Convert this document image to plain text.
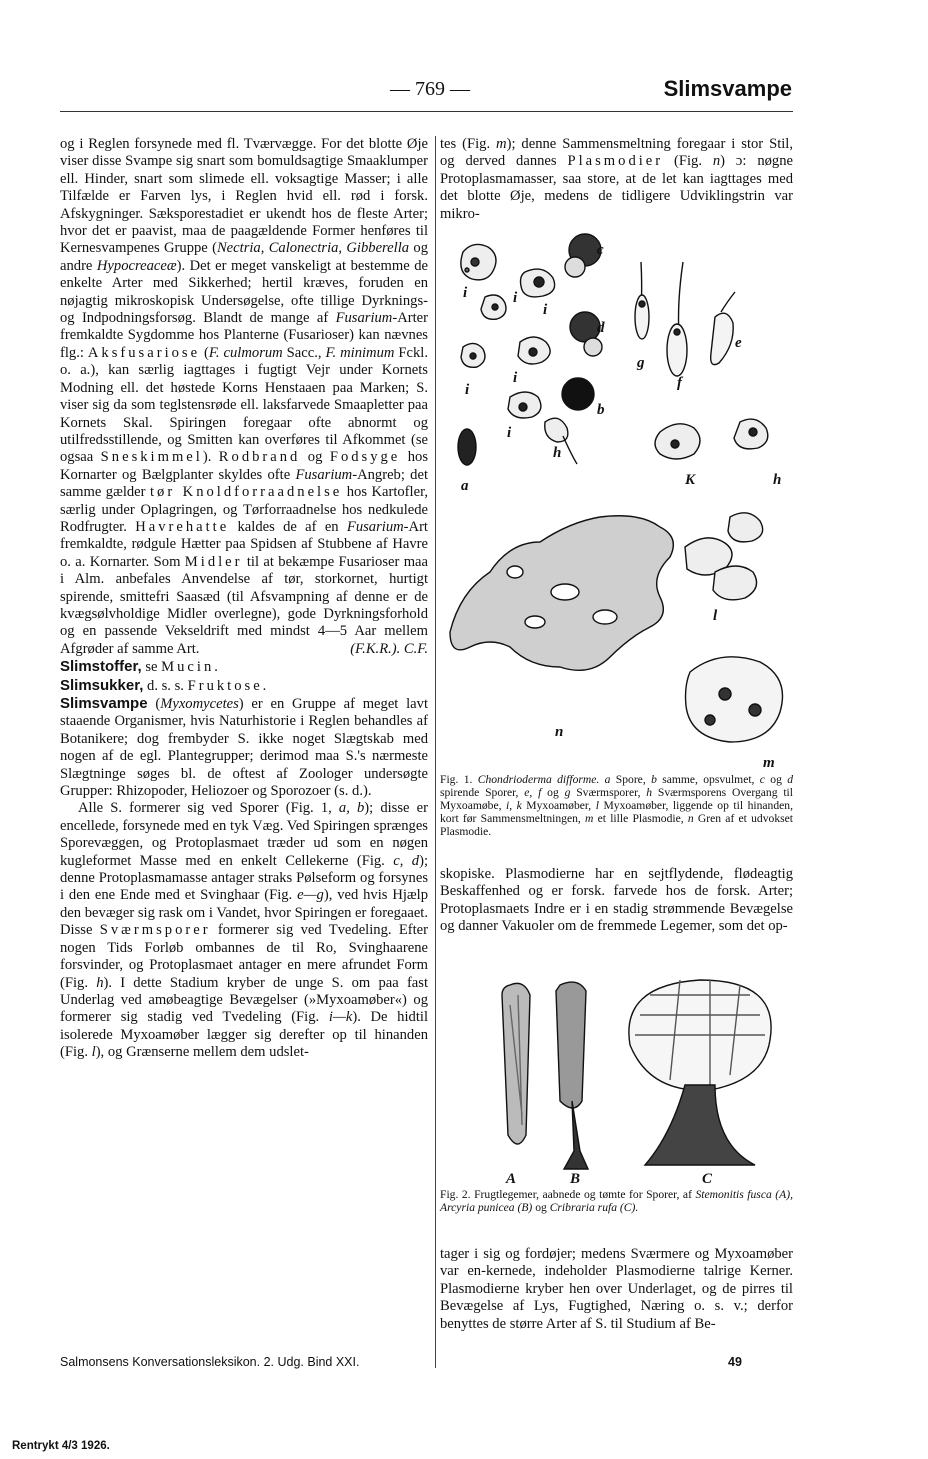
— 769 —	Slimsvampe

og i Reglen forsynede med fl. Tværvægge. For det blotte Øje viser disse Svampe sig snart som bomuldsagtige Smaaklumper ell. Hinder, snart som slimede ell. voksagtige Masser; i alle Tilfælde er Farven lys, i Reglen hvid ell. rød i forsk. Afskygninger. Sæksporestadiet er ukendt hos de fleste Arter; hvor det er paavist, maa de paagældende Former henføres til Kernesvampenes Gruppe (Nectria, Calonectria, Gibberella og andre Hypocreaceæ). Det er meget vanskeligt at bestemme de enkelte Arter med Sikkerhed; hertil kræves, foruden en nøjagtig mikroskopisk Undersøgelse, ofte tillige Dyrknings- og Indpodningsforsøg. Blandt de mange af Fusarium-Arter fremkaldte Sygdomme hos Planterne (Fusarioser) kan nævnes flg.: Aksfusariose (F. culmorum Sacc., F. minimum Fckl. o. a.), kan særlig iagttages i fugtigt Vejr under Kornets Modning ell. det høstede Korns Henstaaen paa Marken; S. viser sig da som teglstensrøde ell. laksfarvede Smaapletter paa Kornets Skal. Spiringen foregaar ofte abnormt og utilfredsstillende, og Smitten kan overføres til Afkommet (se ogsaa Sneskimmel). Rodbrand og Fodsyge hos Kornarter og Bælgplanter skyldes ofte Fusarium-Angreb; det samme gælder tør Knoldforraadnelse hos Kartofler, særlig under Oplagringen, og Tørforraadnelse hos nedkulede Rodfrugter. Havrehatte kaldes de af en Fusarium-Art fremkaldte, rødgule Hætter paa Spidsen af Stubbene af Havre o. a. Kornarter. Som Midler til at bekæmpe Fusarioser maa i Alm. anbefales Anvendelse af tør, storkornet, hurtigt spirende, smittefri Saasæd (til Afsvampning af denne er de kvægsølvholdige Midler overlegne), gode Dyrkningsforhold og en passende Vekseldrift med mindst 4—5 Aar mellem Afgrøder af samme Art.	(F.K.R.). C.F.

Slimstoffer, se Mucin.

Slimsukker, d. s. s. Fruktose.

Slimsvampe (Myxomycetes) er en Gruppe af meget lavt staaende Organismer, hvis Naturhistorie i Reglen behandles af Botanikere; dog frembyder S. ikke noget Slægtskab med nogen af de egl. Plantegrupper; derimod maa S.'s nærmeste Slægtninge søges bl. de oftest af Zoologer undersøgte Grupper: Rhizopoder, Heliozoer og Sporozoer (s. d.).

Alle S. formerer sig ved Sporer (Fig. 1, a, b); disse er encellede, forsynede med en tyk Væg. Ved Spiringen sprænges Sporevæggen, og Protoplasmaet træder ud som en nøgen kugleformet Masse med en enkelt Cellekerne (Fig. c, d); denne Protoplasmamasse antager straks Pølseform og forsynes i den ene Ende med et Svinghaar (Fig. e—g), ved hvis Hjælp den bevæger sig rask om i Vandet, hvor Spiringen er foregaaet. Disse Sværmsporer formerer sig ved Tvedeling. Efter nogen Tids Forløb ombannes de til Ro, Svinghaarene forsvinder, og Protoplasmaet antager en mere afrundet Form (Fig. h). I dette Stadium kryber de unge S. om paa fast Underlag ved amøbeagtige Bevægelser (»Myxoamøber«) og formerer sig stadig ved Tvedeling (Fig. i—k). De hidtil isolerede Myxoamøber lægger sig derefter op til hinanden (Fig. l), og Grænserne mellem dem udslet-

tes (Fig. m); denne Sammensmeltning foregaar i stor Stil, og derved dannes Plasmodier (Fig. n) ɔ: nøgne Protoplasmamasser, saa store, at de let kan iagttages med det blotte Øje, medens de tidligere Udviklingstrin var mikro-

c
i	i
i
d
e
g
f
i
i
b
i
h
a	K	h
l
n
m
Fig. 1. Chondrioderma difforme. a Spore, b samme, opsvulmet, c og d spirende Sporer, e, f og g Sværmsporer, h Sværmsporens Overgang til Myxoamøbe, i, k Myxoamøber, l Myxoamøber, liggende op til hinanden, kort før Sammensmeltningen, m et lille Plasmodie, n Gren af et udvokset Plasmodie.

skopiske. Plasmodierne har en sejtflydende, flødeagtig Beskaffenhed og er forsk. farvede hos de forsk. Arter; Protoplasmaets Indre er i en stadig strømmende Bevægelse og danner Vakuoler om de fremmede Legemer, som det op-

A	B	C
Fig. 2. Frugtlegemer, aabnede og tømte for Sporer, af Stemonitis fusca (A), Arcyria punicea (B) og Cribraria rufa (C).

tager i sig og fordøjer; medens Sværmere og Myxoamøber var en-kernede, indeholder Plasmodierne talrige Kerner. Plasmodierne kryber hen over Underlaget, og de pirres til Bevægelse af Lys, Fugtighed, Næring o. s. v.; derfor benyttes de større Arter af S. til Studium af Be-

Salmonsens Konversationsleksikon. 2. Udg. Bind XXI.	49
Rentrykt 4/3 1926.
